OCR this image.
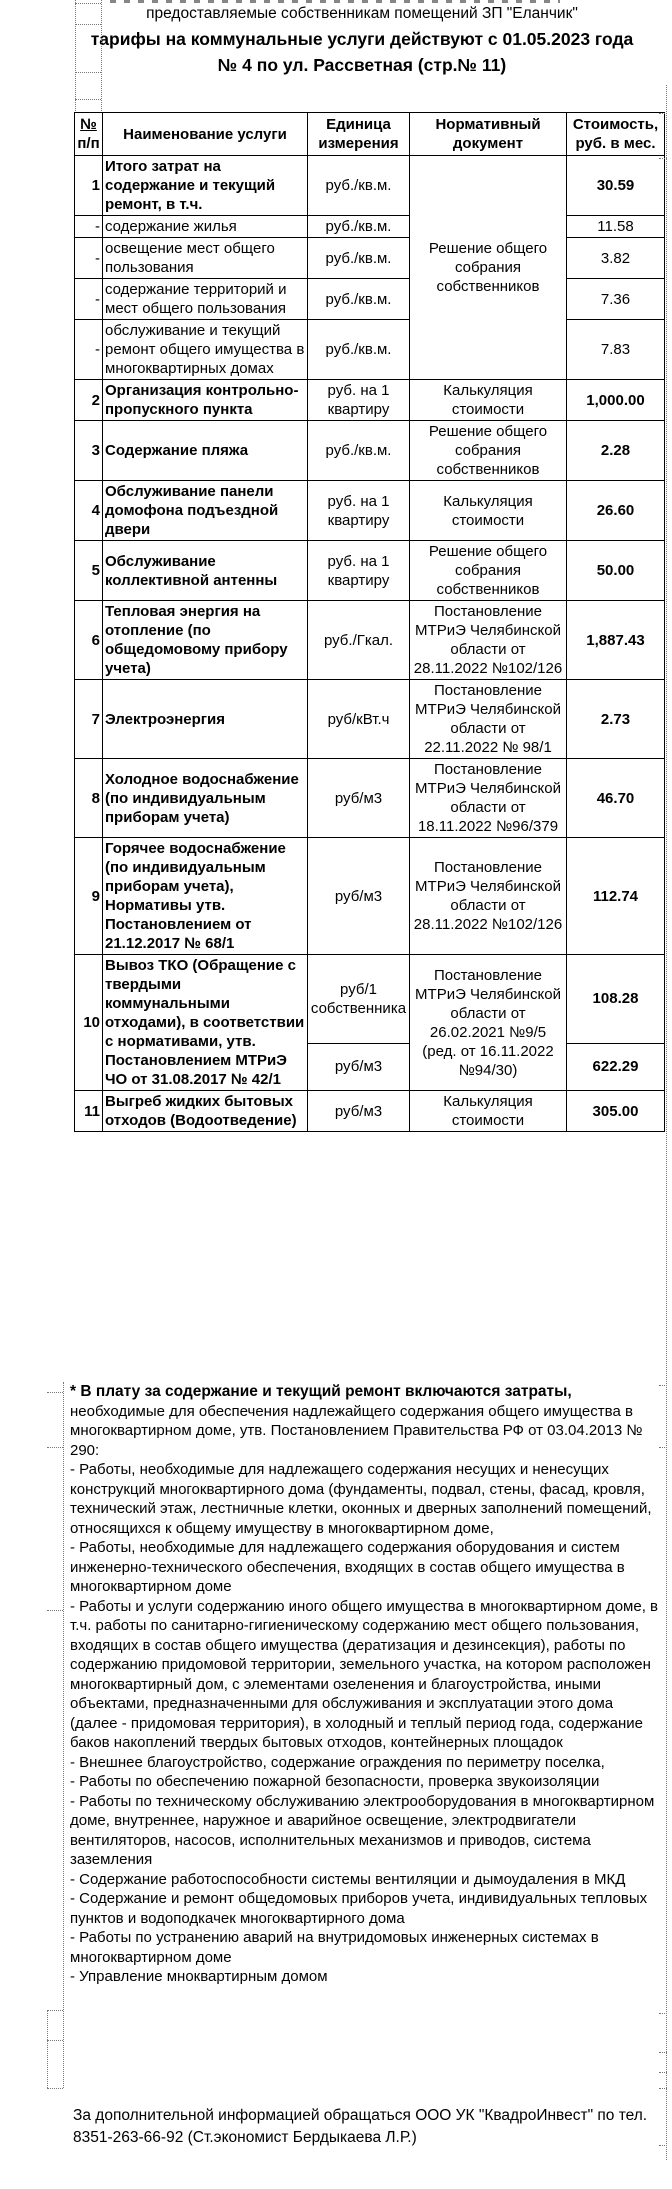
предоставляемые собственникам помещений ЗП "Еланчик"
тарифы на коммунальные услуги действуют с 01.05.2023 года
№ 4 по ул. Рассветная (стр.№ 11)
№
п/п	Наименование услуги	Единица измерения	Нормативный документ	Стоимость, руб. в мес.
1	Итого затрат на содержание и текущий ремонт, в т.ч.	руб./кв.м.	Решение общего собрания собственников	30.59
-	содержание жилья	руб./кв.м.		11.58
-	освещение мест общего пользования	руб./кв.м.		3.82
-	содержание территорий и мест общего пользования	руб./кв.м.		7.36
-	обслуживание и текущий ремонт общего имущества в многоквартирных домах	руб./кв.м.		7.83
2	Организация контрольно-пропускного пункта	руб. на 1 квартиру	Калькуляция стоимости	1,000.00
3	Содержание пляжа	руб./кв.м.	Решение общего собрания собственников	2.28
4	Обслуживание панели домофона подъездной двери	руб. на 1 квартиру	Калькуляция стоимости	26.60
5	Обслуживание коллективной антенны	руб. на 1 квартиру	Решение общего собрания собственников	50.00
6	Тепловая энергия на отопление (по общедомовому прибору учета)	руб./Гкал.	Постановление МТРиЭ Челябинской области от 28.11.2022 №102/126	1,887.43
7	Электроэнергия	руб/кВт.ч	Постановление МТРиЭ Челябинской области от 22.11.2022 № 98/1	2.73
8	Холодное водоснабжение (по индивидуальным приборам учета)	руб/м3	Постановление МТРиЭ Челябинской области от 18.11.2022 №96/379	46.70
9	Горячее водоснабжение (по индивидуальным приборам учета), Нормативы утв. Постановлением от 21.12.2017 № 68/1	руб/м3	Постановление МТРиЭ Челябинской области от 28.11.2022 №102/126	112.74
10	Вывоз ТКО (Обращение с твердыми коммунальными отходами), в соответствии с нормативами, утв. Постановлением МТРиЭ ЧО от 31.08.2017 № 42/1	руб/1 собственника	Постановление МТРиЭ Челябинской области от 26.02.2021 №9/5 (ред. от 16.11.2022 №94/30)	108.28
		руб/м3		622.29
11	Выгреб жидких бытовых отходов (Водоотведение)	руб/м3	Калькуляция стоимости	305.00

* В плату за содержание и текущий ремонт включаются затраты, необходимые для обеспечения надлежайщего содержания общего имущества в многоквартирном доме, утв. Постановлением Правительства РФ от 03.04.2013 № 290:

- Работы, необходимые для надлежащего содержания несущих и ненесущих конструкций многоквартирного дома (фундаменты, подвал, стены, фасад, кровля, технический этаж, лестничные клетки, оконных и дверных заполнений помещений, относящихся к общему имуществу в многоквартирном доме,

- Работы, необходимые для надлежащего содержания оборудования и систем инженерно-технического обеспечения, входящих в состав общего имущества в многоквартирном доме

- Работы и услуги содержанию иного общего имущества в многоквартирном доме, в т.ч. работы по санитарно-гигиеническому содержанию мест общего пользования, входящих в состав общего имущества (дератизация и дезинсекция), работы по содержанию придомовой территории, земельного участка, на котором расположен многоквартирный дом, с элементами озеленения и благоустройства, иными объектами, предназначенными для обслуживания и эксплуатации этого дома (далее - придомовая территория), в холодный и теплый период года, содержание баков накоплений твердых бытовых отходов, контейнерных площадок

- Внешнее благоустройство, содержание ограждения по периметру поселка,

- Работы по обеспечению пожарной безопасности, проверка звукоизоляции

- Работы по техническому обслуживанию электрооборудования в многоквартирном доме, внутреннее, наружное и аварийное освещение, электродвигатели вентиляторов, насосов, исполнительных механизмов и приводов, система заземления

- Содержание работоспособности системы вентиляции и дымоудаления в МКД

- Содержание и ремонт общедомовых приборов учета, индивидуальных тепловых пунктов и водоподкачек многоквартирного дома

- Работы по устранению аварий на внутридомовых инженерных системах в многоквартирном доме

- Управление мноквартирным домом

За дополнительной информацией обращаться ООО УК "КвадроИнвест" по тел. 8351-263-66-92 (Ст.экономист Бердыкаева Л.Р.)
